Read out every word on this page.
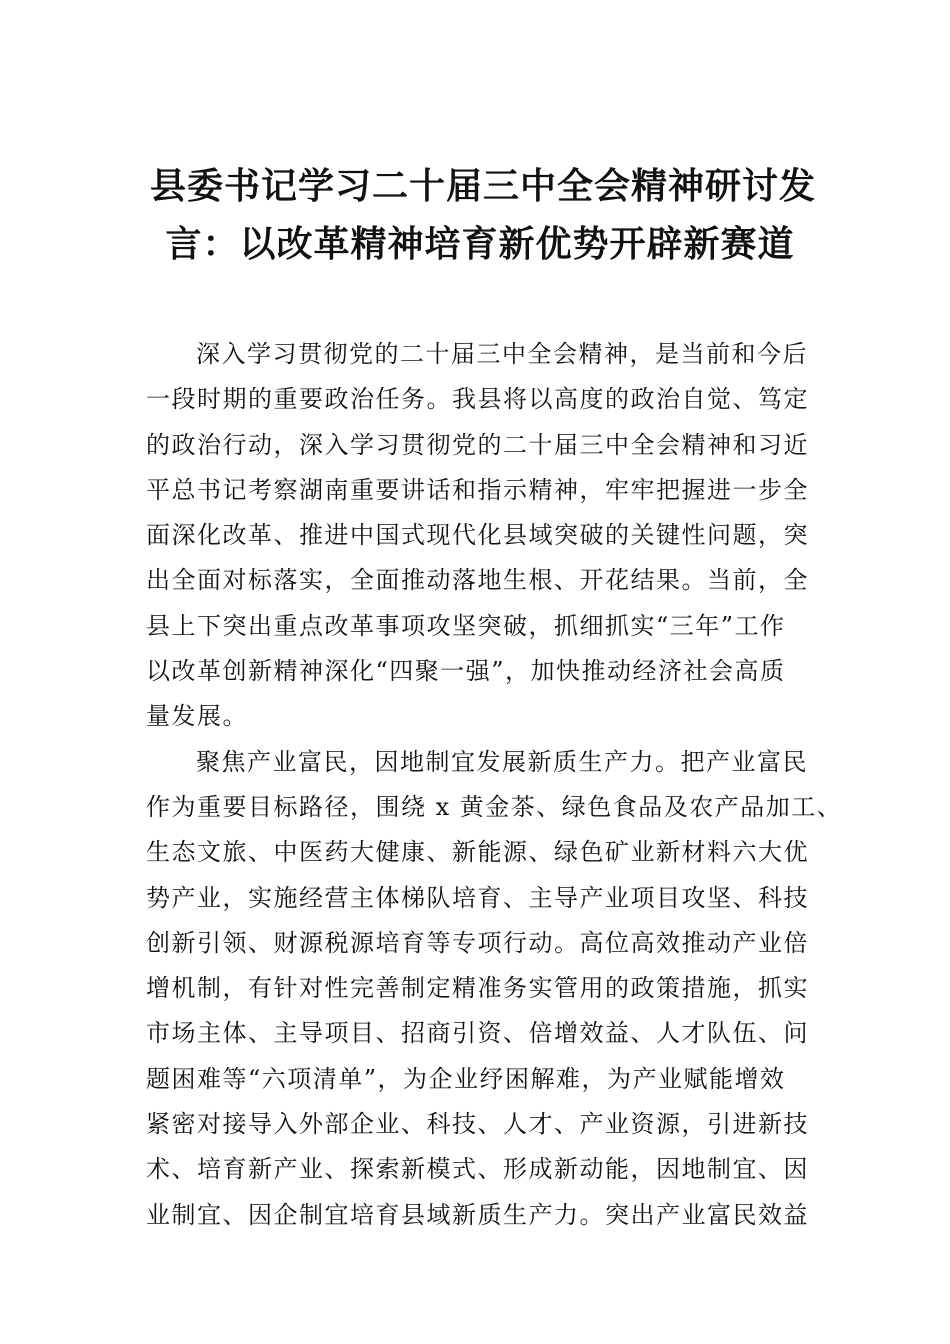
县委书记学习二十届三中全会精神研讨发
言：以改革精神培育新优势开辟新赛道
深入学习贯彻党的二十届三中全会精神，是当前和今后
一段时期的重要政治任务。我县将以高度的政治自觉、笃定
的政治行动，深入学习贯彻党的二十届三中全会精神和习近
平总书记考察湖南重要讲话和指示精神，牢牢把握进一步全
面深化改革、推进中国式现代化县域突破的关键性问题，突
出全面对标落实，全面推动落地生根、开花结果。当前，全
县上下突出重点改革事项攻坚突破，抓细抓实“三年”工作
以改革创新精神深化“四聚一强”，加快推动经济社会高质
量发展。
聚焦产业富民，因地制宜发展新质生产力。把产业富民
作为重要目标路径，围绕 x 黄金茶、绿色食品及农产品加工、
生态文旅、中医药大健康、新能源、绿色矿业新材料六大优
势产业，实施经营主体梯队培育、主导产业项目攻坚、科技
创新引领、财源税源培育等专项行动。高位高效推动产业倍
增机制，有针对性完善制定精准务实管用的政策措施，抓实
市场主体、主导项目、招商引资、倍增效益、人才队伍、问
题困难等“六项清单”，为企业纾困解难，为产业赋能增效
紧密对接导入外部企业、科技、人才、产业资源，引进新技
术、培育新产业、探索新模式、形成新动能，因地制宜、因
业制宜、因企制宜培育县域新质生产力。突出产业富民效益
